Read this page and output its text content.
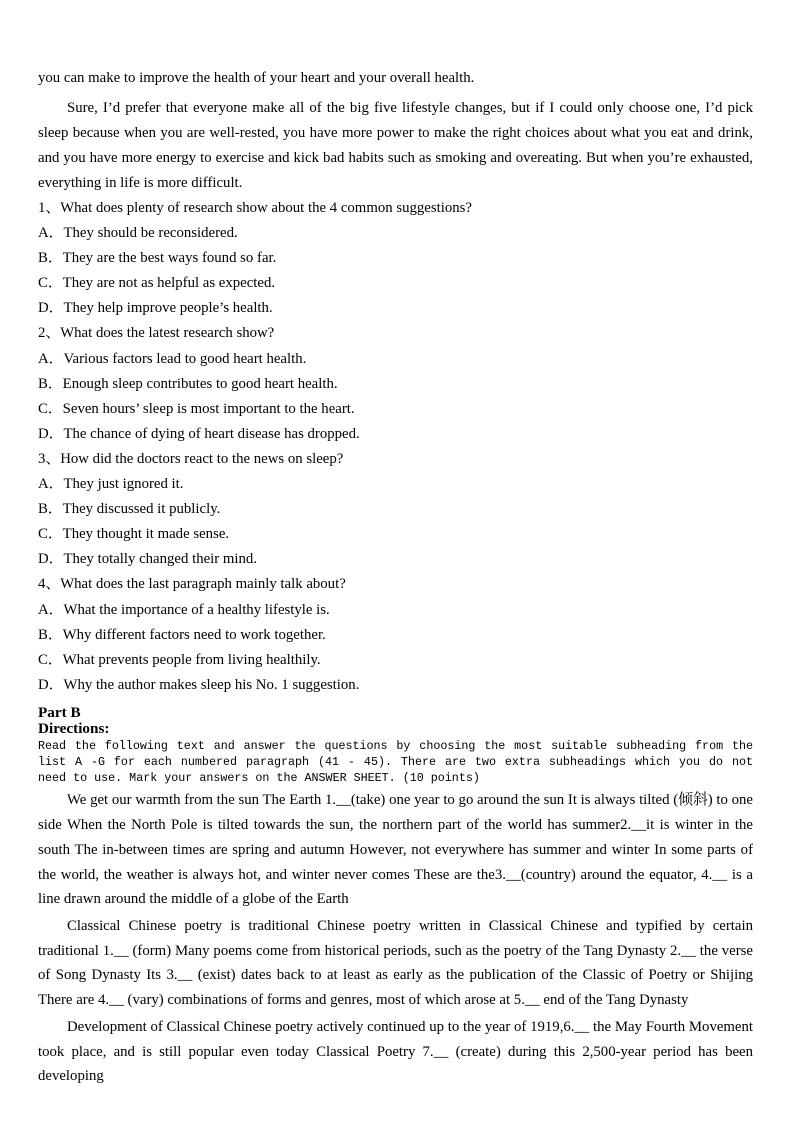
you can make to improve the health of your heart and your overall health.
Sure, I’d prefer that everyone make all of the big five lifestyle changes, but if I could only choose one, I’d pick sleep because when you are well-rested, you have more power to make the right choices about what you eat and drink, and you have more energy to exercise and kick bad habits such as smoking and overeating. But when you’re exhausted, everything in life is more difficult.
1、What does plenty of research show about the 4 common suggestions?
A．They should be reconsidered.
B．They are the best ways found so far.
C．They are not as helpful as expected.
D．They help improve people’s health.
2、What does the latest research show?
A．Various factors lead to good heart health.
B．Enough sleep contributes to good heart health.
C．Seven hours’ sleep is most important to the heart.
D．The chance of dying of heart disease has dropped.
3、How did the doctors react to the news on sleep?
A．They just ignored it.
B．They discussed it publicly.
C．They thought it made sense.
D．They totally changed their mind.
4、What does the last paragraph mainly talk about?
A．What the importance of a healthy lifestyle is.
B．Why different factors need to work together.
C．What prevents people from living healthily.
D．Why the author makes sleep his No. 1 suggestion.
Part B
Directions:
Read the following text and answer the questions by choosing the most suitable subheading from the list A -G for each numbered paragraph (41 - 45). There are two extra subheadings which you do not need to use. Mark your answers on the ANSWER SHEET. (10 points)
We get our warmth from the sun The Earth 1.__(take) one year to go around the sun It is always tilted (倾斜) to one side When the North Pole is tilted towards the sun, the northern part of the world has summer2.__it is winter in the south The in-between times are spring and autumn However, not everywhere has summer and winter In some parts of the world, the weather is always hot, and winter never comes These are the3.__(country) around the equator, 4.__ is a line drawn around the middle of a globe of the Earth
Classical Chinese poetry is traditional Chinese poetry written in Classical Chinese and typified by certain traditional 1.__ (form) Many poems come from historical periods, such as the poetry of the Tang Dynasty 2.__ the verse of Song Dynasty Its 3.__ (exist) dates back to at least as early as the publication of the Classic of Poetry or Shijing There are 4.__ (vary) combinations of forms and genres, most of which arose at 5.__ end of the Tang Dynasty
Development of Classical Chinese poetry actively continued up to the year of 1919,6.__ the May Fourth Movement took place, and is still popular even today Classical Poetry 7.__ (create) during this 2,500-year period has been developing
